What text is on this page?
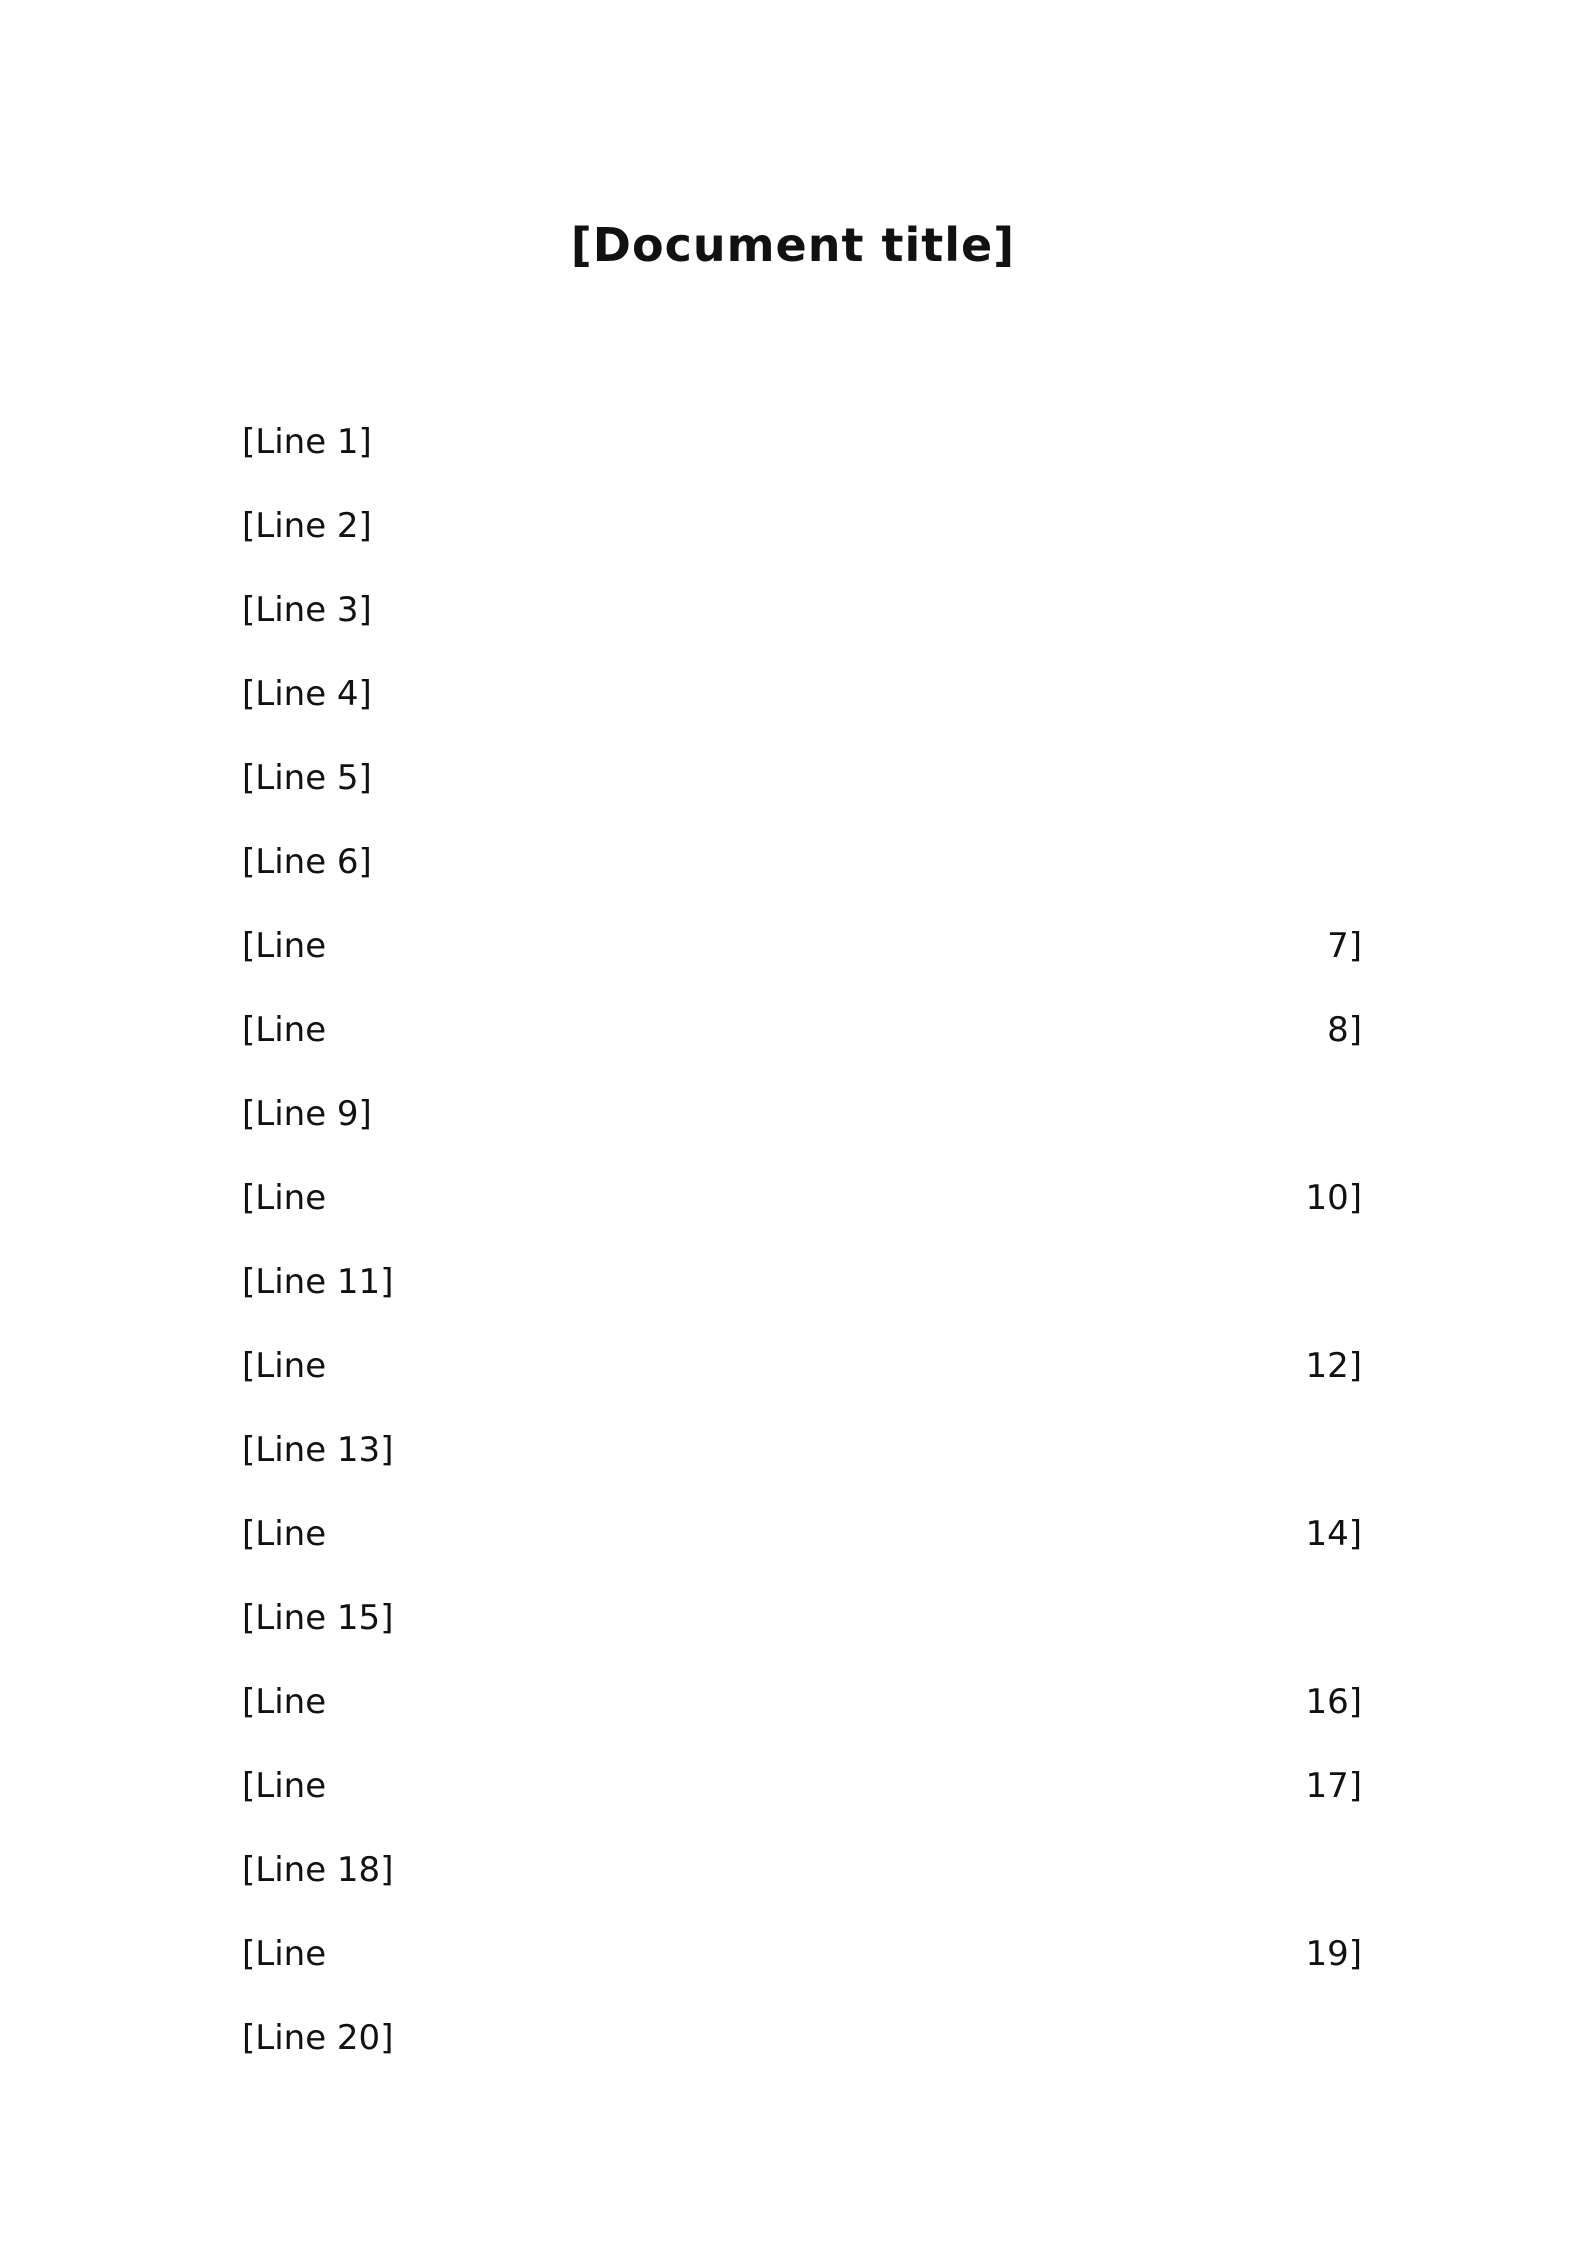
[Document title]
[Line 1]
[Line 2]
[Line 3]
[Line 4]
[Line 5]
[Line 6]
[Line 7]
[Line 8]
[Line 9]
[Line 10]
[Line 11]
[Line 12]
[Line 13]
[Line 14]
[Line 15]
[Line 16]
[Line 17]
[Line 18]
[Line 19]
[Line 20]
